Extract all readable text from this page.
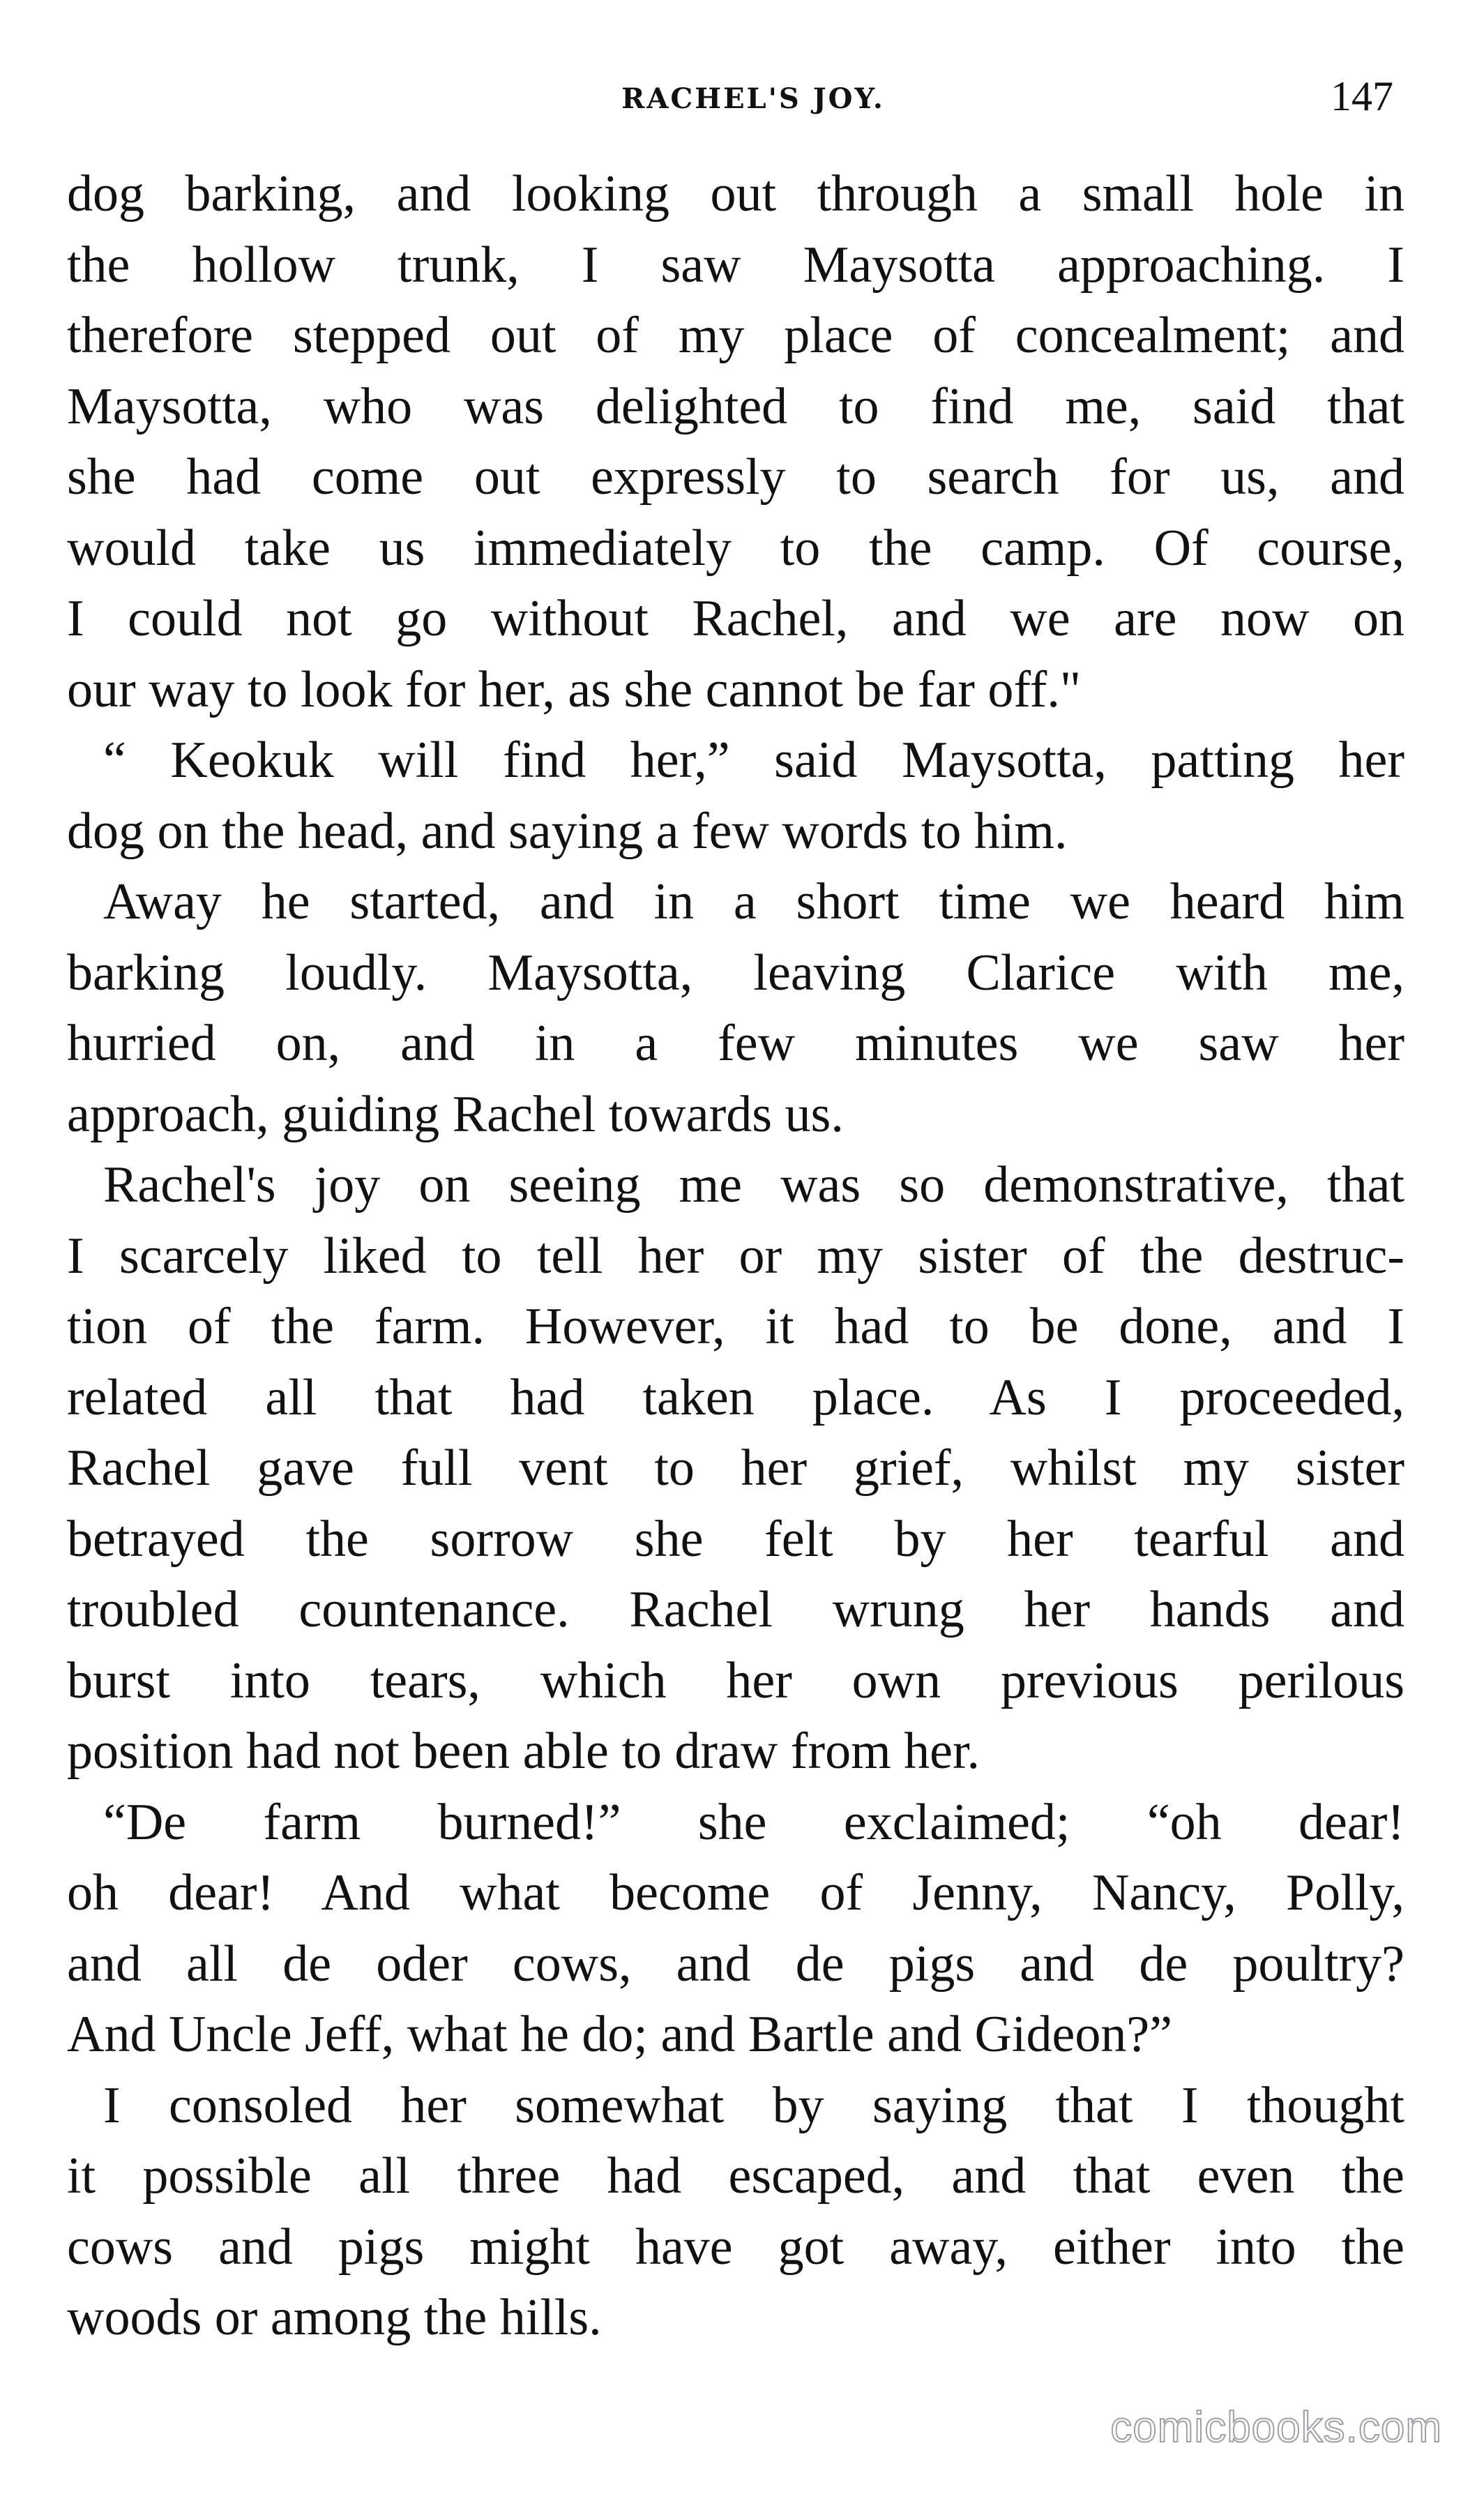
RACHEL'S JOY.	147
dog barking, and looking out through a small hole in
the hollow trunk, I saw Maysotta approaching. I
therefore stepped out of my place of concealment; and
Maysotta, who was delighted to find me, said that
she had come out expressly to search for us, and
would take us immediately to the camp. Of course,
I could not go without Rachel, and we are now on
our way to look for her, as she cannot be far off."
“ Keokuk will find her,” said Maysotta, patting her
dog on the head, and saying a few words to him.
Away he started, and in a short time we heard him
barking loudly. Maysotta, leaving Clarice with me,
hurried on, and in a few minutes we saw her
approach, guiding Rachel towards us.
Rachel's joy on seeing me was so demonstrative, that
I scarcely liked to tell her or my sister of the destruc-
tion of the farm. However, it had to be done, and I
related all that had taken place. As I proceeded,
Rachel gave full vent to her grief, whilst my sister
betrayed the sorrow she felt by her tearful and
troubled countenance. Rachel wrung her hands and
burst into tears, which her own previous perilous
position had not been able to draw from her.
“De farm burned!” she exclaimed; “oh dear!
oh dear! And what become of Jenny, Nancy, Polly,
and all de oder cows, and de pigs and de poultry?
And Uncle Jeff, what he do; and Bartle and Gideon?”
I consoled her somewhat by saying that I thought
it possible all three had escaped, and that even the
cows and pigs might have got away, either into the
woods or among the hills.
comicbooks.com
